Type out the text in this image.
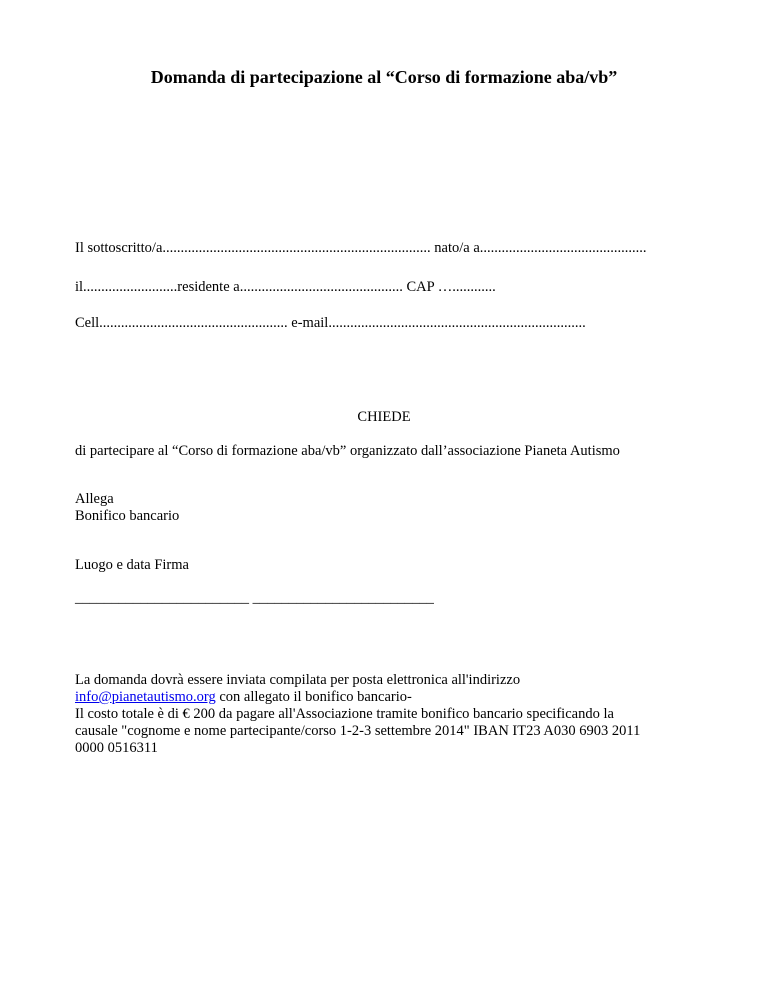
Domanda di partecipazione al “Corso di formazione aba/vb”
Il sottoscritto/a.......................................................................... nato/a a..............................................
il..........................residente a............................................. CAP …............
Cell.................................................... e-mail.......................................................................
CHIEDE
di partecipare al “Corso di formazione aba/vb” organizzato dall’associazione Pianeta Autismo
Allega
Bonifico bancario
Luogo e data Firma
________________________ _________________________
La domanda dovrà essere inviata compilata per posta elettronica all'indirizzo
info@pianetautismo.org con allegato il bonifico bancario-
Il costo totale è di € 200 da pagare all'Associazione tramite bonifico bancario specificando la
causale "cognome e nome partecipante/corso 1-2-3 settembre 2014" IBAN IT23 A030 6903 2011
0000 0516311
